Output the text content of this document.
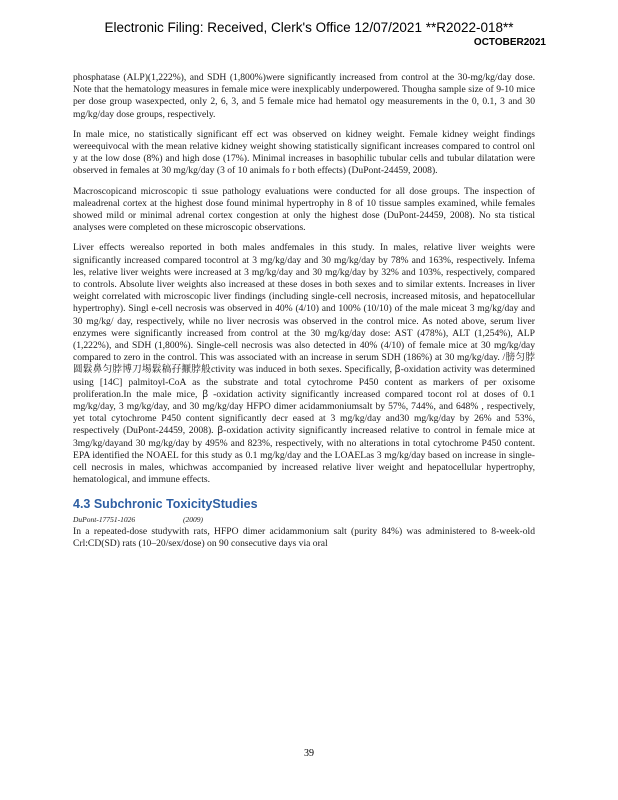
Electronic Filing: Received, Clerk's Office 12/07/2021 **R2022-018**
OCTOBER2021

phosphatase (ALP)(1,222%), and SDH (1,800%)were significantly increased from control at the 30-mg/kg/day dose. Note that the hematology measures in female mice were inexplicably underpowered. Thougha sample size of 9-10 mice per dose group wasexpected, only 2, 6, 3, and 5 female mice had hematol ogy measurements in the 0, 0.1, 3 and 30 mg/kg/day dose groups, respectively.

In male mice, no statistically significant eff ect was observed on kidney weight. Female kidney weight findings wereequivocal with the mean relative kidney weight showing statistically significant increases compared to control onl y at the low dose (8%) and high dose (17%). Minimal increases in basophilic tubular cells and tubular dilatation were observed in females at 30 mg/kg/day (3 of 10 animals fo r both effects) (DuPont-24459, 2008).

Macroscopicand microscopic ti ssue pathology evaluations were conducted for all dose groups. The inspection of maleadrenal cortex at the highest dose found minimal hypertrophy in 8 of 10 tissue samples examined, while females showed mild or minimal adrenal cortex congestion at only the highest dose (DuPont-24459, 2008). No sta tistical analyses were completed on these microscopic observations.

Liver effects werealso reported in both males andfemales in this study. In males, relative liver weights were significantly increased compared tocontrol at 3 mg/kg/day and 30 mg/kg/day by 78% and 163%, respectively. Infema les, relative liver weights were increased at 3 mg/kg/day and 30 mg/kg/day by 32% and 103%, respectively, compared to controls. Absolute liver weights also increased at these doses in both sexes and to similar extents. Increases in liver weight correlated with microscopic liver findings (including single-cell necrosis, increased mitosis, and hepatocellular hypertrophy). Singl e-cell necrosis was observed in 40% (4/10) and 100% (10/10) of the male miceat 3 mg/kg/day and 30 mg/kg/ day, respectively, while no liver necrosis was observed in the control mice. As noted above, serum liver enzymes were significantly increased from control at the 30 mg/kg/day dose: AST (478%), ALT (1,254%), ALP (1,222%), and SDH (1,800%). Single-cell necrosis was also detected in 40% (4/10) of female mice at 30 mg/kg/day compared to zero in the control. This was associated with an increase in serum SDH (186%) at 30 mg/kg/day. /膀匀脖圆鬏鼻匀脖博刀埸鬏稿孖擫脖般ctivity was induced in both sexes. Specifically, ꞵ-oxidation activity was determined using [14C] palmitoyl-CoA as the substrate and total cytochrome P450 content as markers of per oxisome proliferation.In the male mice, ꞵ -oxidation activity significantly increased compared tocont rol at doses of 0.1 mg/kg/day, 3 mg/kg/day, and 30 mg/kg/day HFPO dimer acidammoniumsalt by 57%, 744%, and 648% , respectively, yet total cytochrome P450 content significantly decr eased at 3 mg/kg/day and30 mg/kg/day by 26% and 53%, respectively (DuPont-24459, 2008). ꞵ-oxidation activity significantly increased relative to control in female mice at 3mg/kg/dayand 30 mg/kg/day by 495% and 823%, respectively, with no alterations in total cytochrome P450 content. EPA identified the NOAEL for this study as 0.1 mg/kg/day and the LOAELas 3 mg/kg/day based on increase in single-cell necrosis in males, whichwas accompanied by increased relative liver weight and hepatocellular hypertrophy, hematological, and immune effects.

4.3 Subchronic ToxicityStudies
DuPont-17751-1026	(2009)

In a repeated-dose studywith rats, HFPO dimer acidammonium salt (purity 84%) was administered to 8-week-old Crl:CD(SD) rats (10–20/sex/dose) on 90 consecutive days via oral

39
